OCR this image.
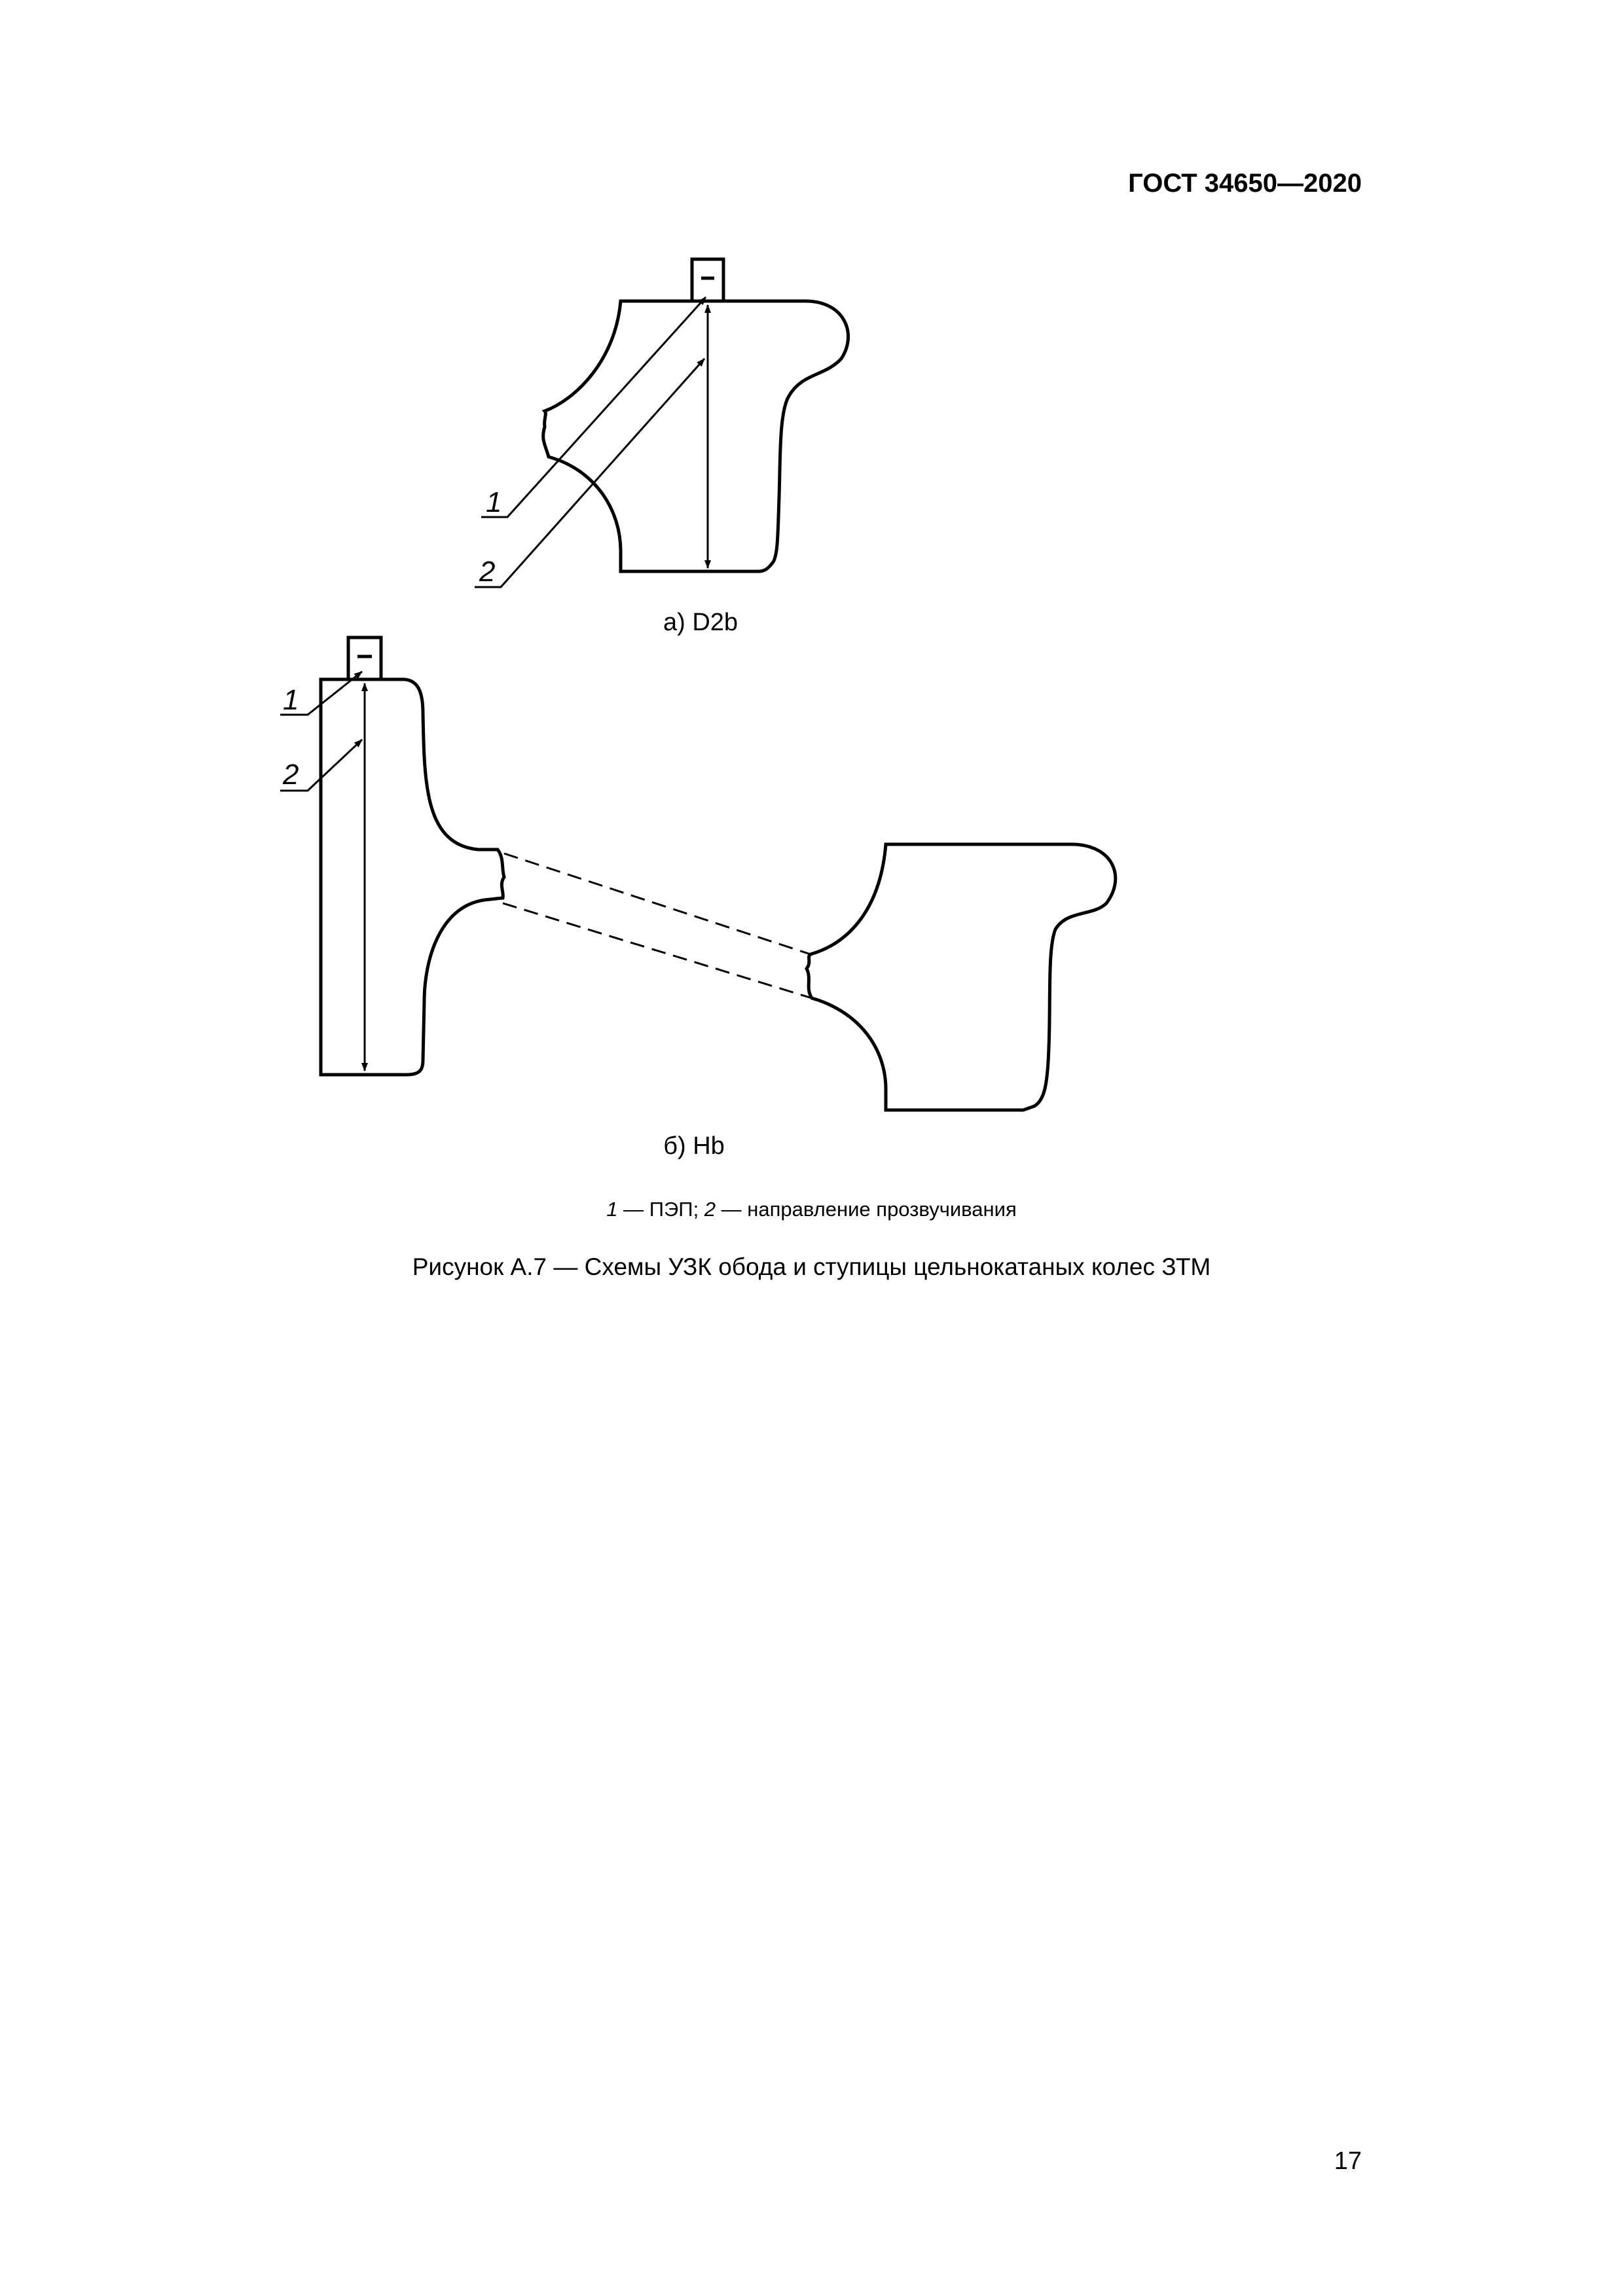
ГОСТ 34650—2020
1
2
1
2
а) D2b
б) Hb
1 — ПЭП; 2 — направление прозвучивания
Рисунок А.7 — Схемы УЗК обода и ступицы цельнокатаных колес ЗТМ
17
